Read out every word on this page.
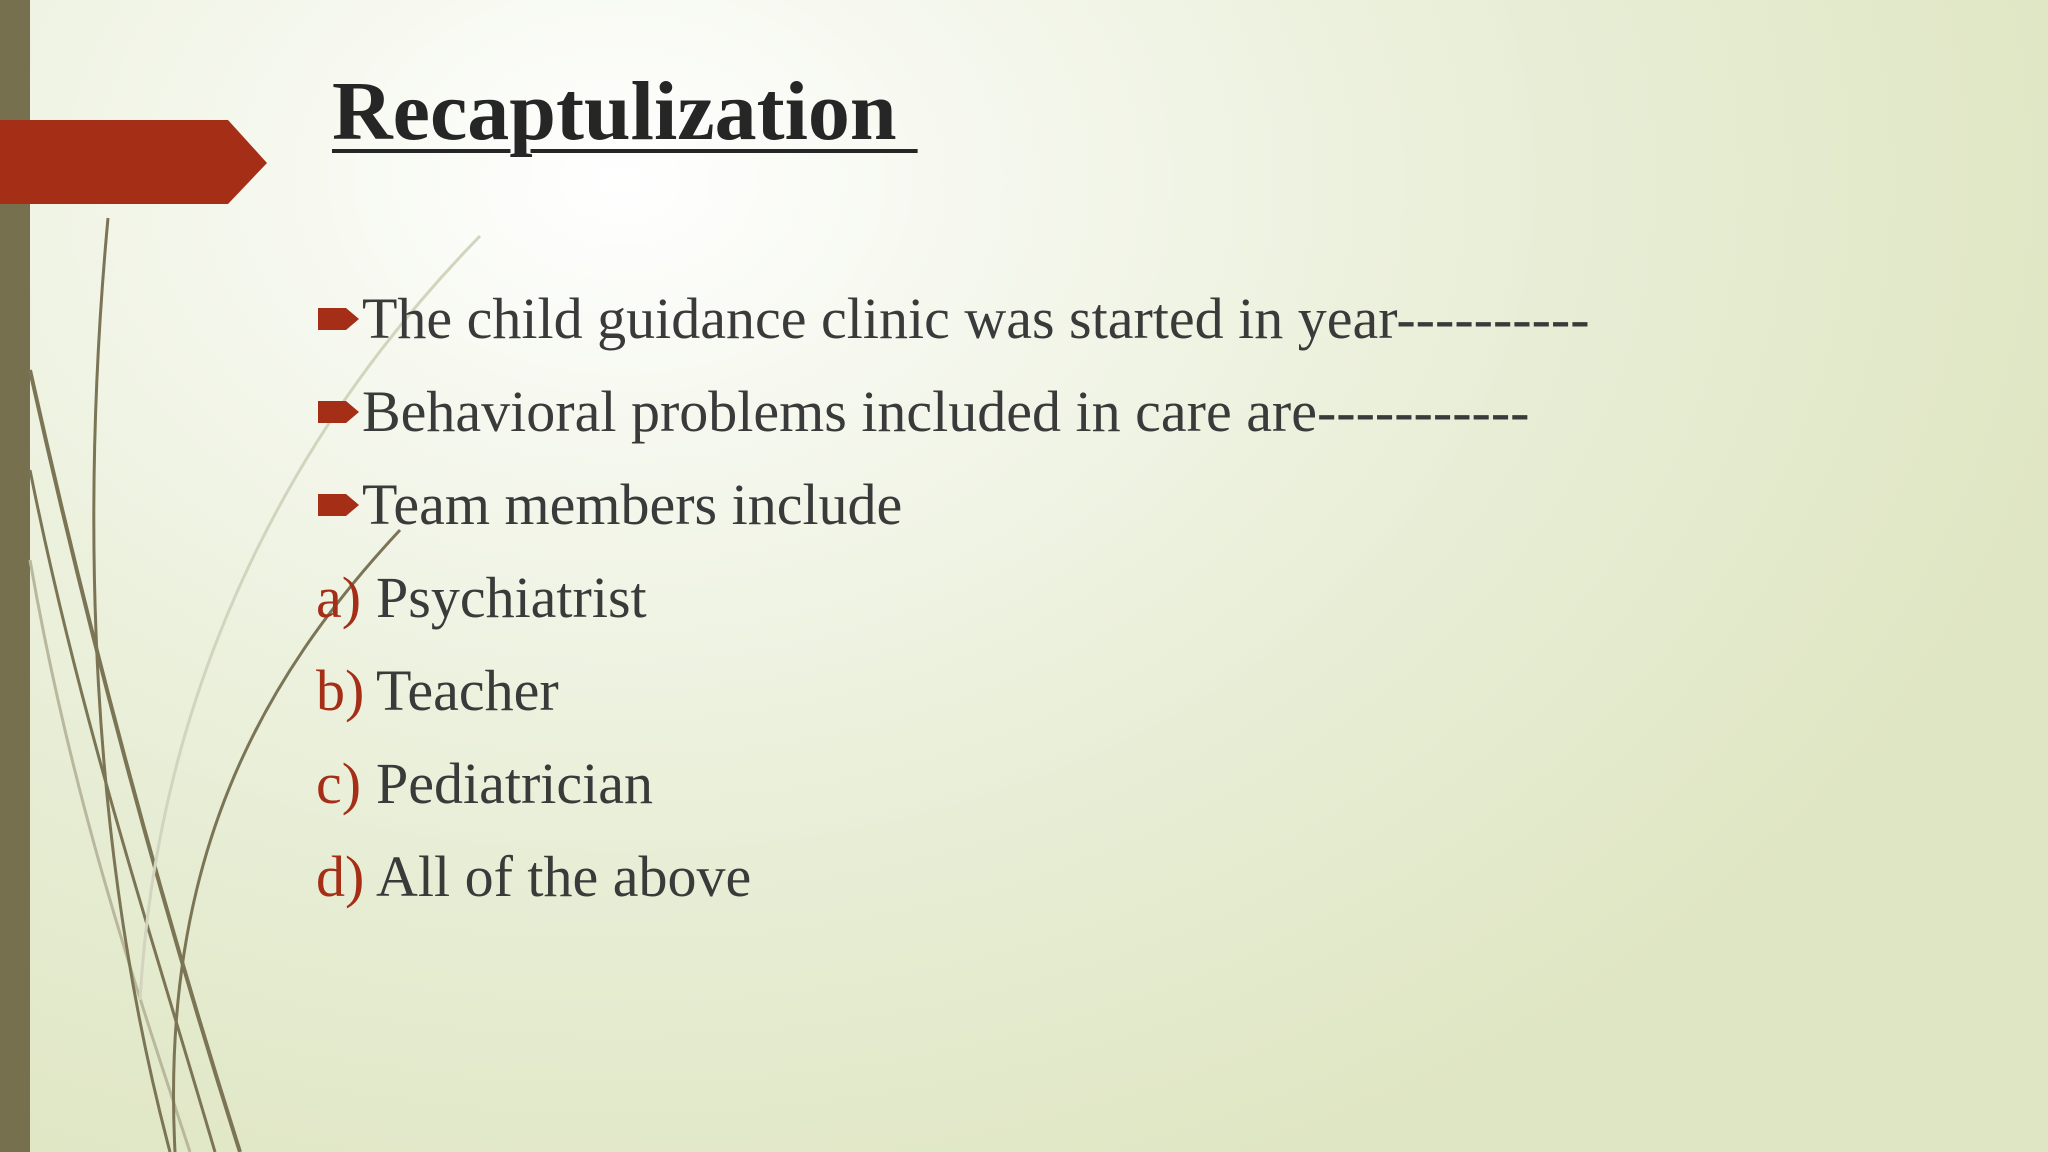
Recaptulization
The child guidance clinic was started in year----------
Behavioral problems included in care are-----------
Team members include
a) Psychiatrist
b) Teacher
c) Pediatrician
d) All of the above
